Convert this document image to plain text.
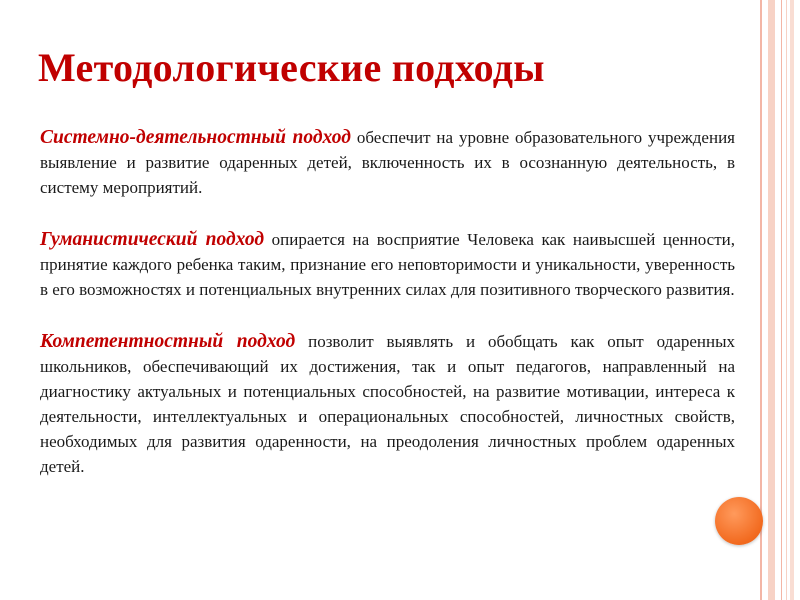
Методологические подходы

Системно-деятельностный подход обеспечит на уровне образовательного учреждения выявление и развитие одаренных детей, включенность их в осознанную деятельность, в систему мероприятий.

Гуманистический подход опирается на восприятие Человека как наивысшей ценности, принятие каждого ребенка таким, признание его неповторимости и уникальности, уверенность в его возможностях и потенциальных внутренних силах для позитивного творческого развития.

Компетентностный подход позволит выявлять и обобщать как опыт одаренных школьников, обеспечивающий их достижения, так и опыт педагогов, направленный на диагностику актуальных и потенциальных способностей, на развитие мотивации, интереса к деятельности, интеллектуальных и операциональных способностей, личностных свойств, необходимых для развития одаренности, на преодоления личностных проблем одаренных детей.
